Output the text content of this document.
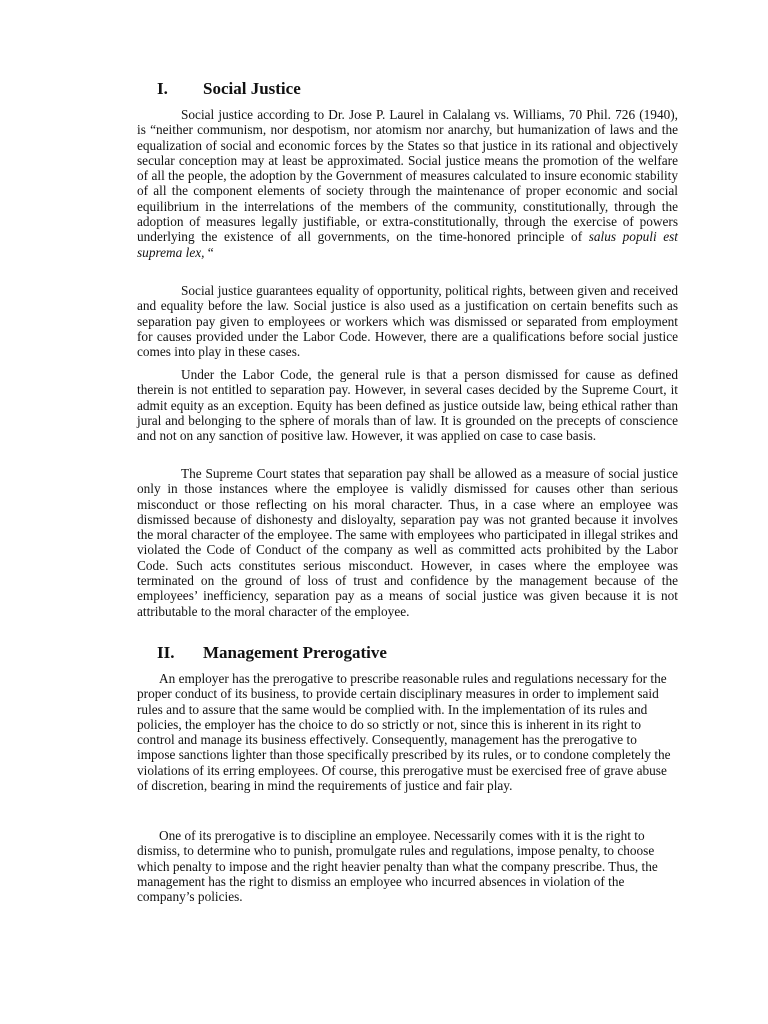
I.	Social Justice

Social justice according to Dr. Jose P. Laurel in Calalang vs. Williams, 70 Phil. 726 (1940), is “neither communism, nor despotism, nor atomism nor anarchy, but humanization of laws and the equalization of social and economic forces by the States so that justice in its rational and objectively secular conception may at least be approximated. Social justice means the promotion of the welfare of all the people, the adoption by the Government of measures calculated to insure economic stability of all the component elements of society through the maintenance of proper economic and social equilibrium in the interrelations of the members of the community, constitutionally, through the adoption of measures legally justifiable, or extra-constitutionally, through the exercise of powers underlying the existence of all governments, on the time-honored principle of salus populi est suprema lex, “

Social justice guarantees equality of opportunity, political rights, between given and received and equality before the law. Social justice is also used as a justification on certain benefits such as separation pay given to employees or workers which was dismissed or separated from employment for causes provided under the Labor Code. However, there are a qualifications before social justice comes into play in these cases.

Under the Labor Code, the general rule is that a person dismissed for cause as defined therein is not entitled to separation pay. However, in several cases decided by the Supreme Court, it admit equity as an exception. Equity has been defined as justice outside law, being ethical rather than jural and belonging to the sphere of morals than of law. It is grounded on the precepts of conscience and not on any sanction of positive law. However, it was applied on case to case basis.

The Supreme Court states that separation pay shall be allowed as a measure of social justice only in those instances where the employee is validly dismissed for causes other than serious misconduct or those reflecting on his moral character. Thus, in a case where an employee was dismissed because of dishonesty and disloyalty, separation pay was not granted because it involves the moral character of the employee. The same with employees who participated in illegal strikes and violated the Code of Conduct of the company as well as committed acts prohibited by the Labor Code. Such acts constitutes serious misconduct. However, in cases where the employee was terminated on the ground of loss of trust and confidence by the management because of the employees’ inefficiency, separation pay as a means of social justice was given because it is not attributable to the moral character of the employee.

II.	Management Prerogative

An employer has the prerogative to prescribe reasonable rules and regulations necessary for the proper conduct of its business, to provide certain disciplinary measures in order to implement said rules and to assure that the same would be complied with. In the implementation of its rules and policies, the employer has the choice to do so strictly or not, since this is inherent in its right to control and manage its business effectively. Consequently, management has the prerogative to impose sanctions lighter than those specifically prescribed by its rules, or to condone completely the violations of its erring employees. Of course, this prerogative must be exercised free of grave abuse of discretion, bearing in mind the requirements of justice and fair play.

One of its prerogative is to discipline an employee. Necessarily comes with it is the right to dismiss, to determine who to punish, promulgate rules and regulations, impose penalty, to choose which penalty to impose and the right heavier penalty than what the company prescribe. Thus, the management has the right to dismiss an employee who incurred absences in violation of the company’s policies.
